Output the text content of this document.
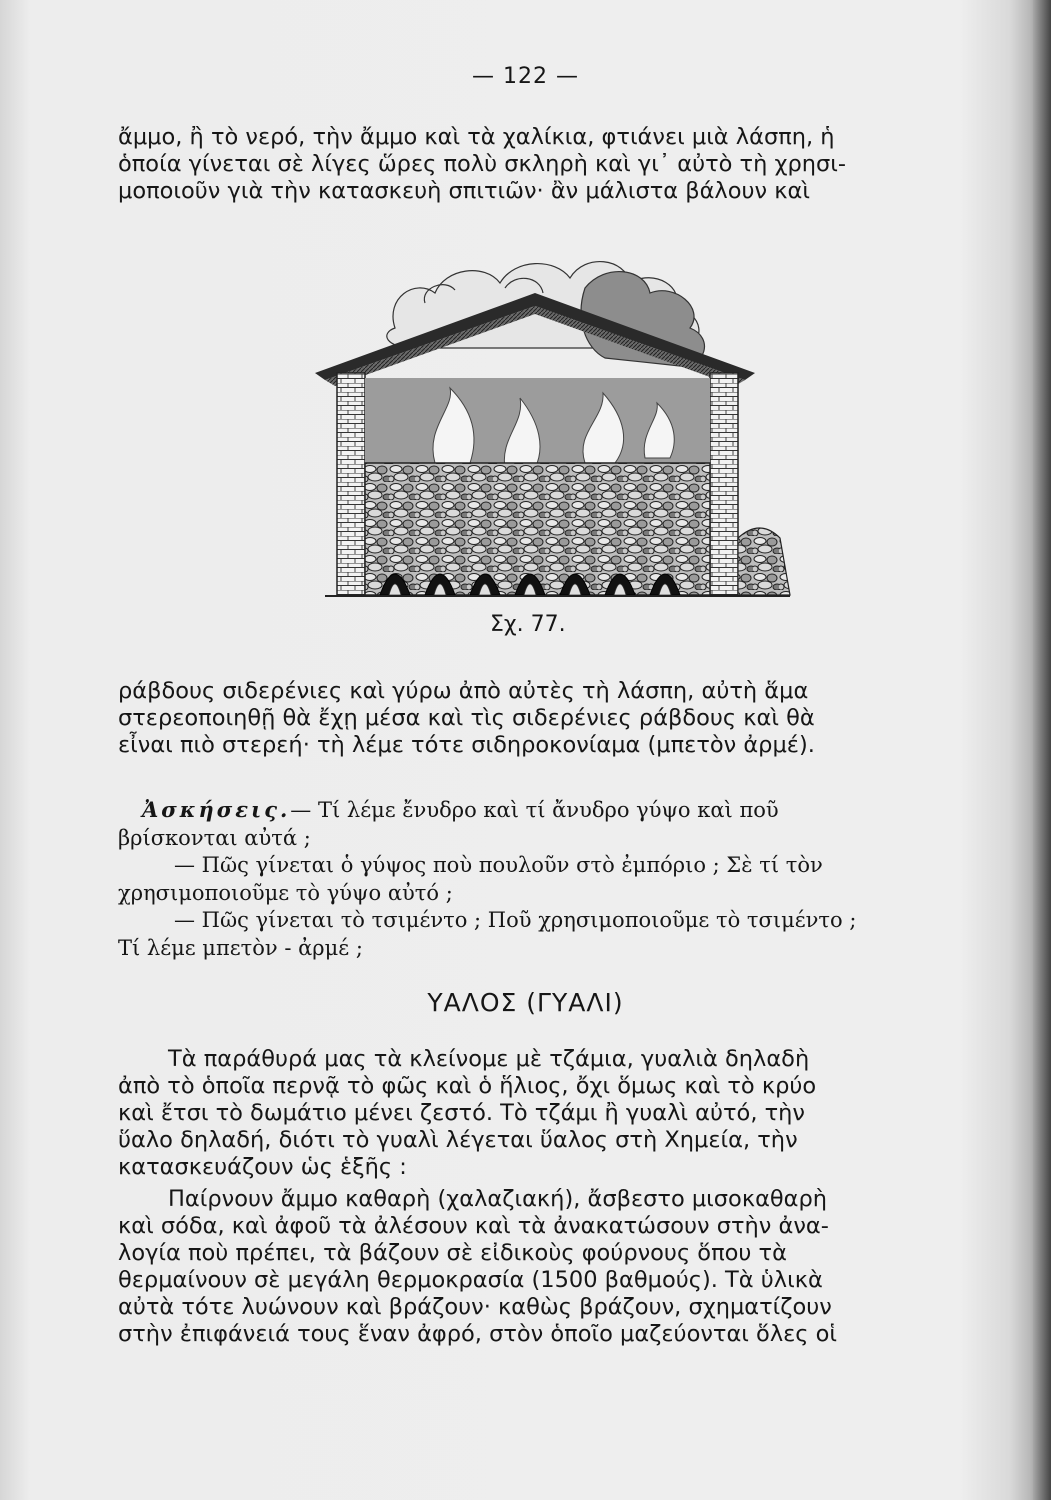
— 122 —
ἄμμο, ἢ τὸ νερό, τὴν ἄμμο καὶ τὰ χαλίκια, φτιάνει μιὰ λάσπη, ἡ
ὁποία γίνεται σὲ λίγες ὥρες πολὺ σκληρὴ καὶ γι᾽ αὐτὸ τὴ χρησι-
μοποιοῦν γιὰ τὴν κατασκευὴ σπιτιῶν· ἂν μάλιστα βάλουν καὶ
Σχ. 77.
ράβδους σιδερένιες καὶ γύρω ἀπὸ αὐτὲς τὴ λάσπη, αὐτὴ ἅμα
στερεοποιηθῇ θὰ ἔχῃ μέσα καὶ τὶς σιδερένιες ράβδους καὶ θὰ
εἶναι πιὸ στερεή· τὴ λέμε τότε σιδηροκονίαμα (μπετὸν ἀρμέ).
Ἀσκήσεις.— Τί λέμε ἔνυδρο καὶ τί ἄνυδρο γύψο καὶ ποῦ
βρίσκονται αὐτά ;
— Πῶς γίνεται ὁ γύψος ποὺ πουλοῦν στὸ ἐμπόριο ; Σὲ τί τὸν
χρησιμοποιοῦμε τὸ γύψο αὐτό ;
— Πῶς γίνεται τὸ τσιμέντο ; Ποῦ χρησιμοποιοῦμε τὸ τσιμέντο ;
Τί λέμε μπετὸν - ἀρμέ ;
ΥΑΛΟΣ (ΓΥΑΛΙ)
Τὰ παράθυρά μας τὰ κλείνομε μὲ τζάμια, γυαλιὰ δηλαδὴ
ἀπὸ τὸ ὁποῖα περνᾷ τὸ φῶς καὶ ὁ ἥλιος, ὄχι ὅμως καὶ τὸ κρύο
καὶ ἔτσι τὸ δωμάτιο μένει ζεστό. Τὸ τζάμι ἢ γυαλὶ αὐτό, τὴν
ὕαλο δηλαδή, διότι τὸ γυαλὶ λέγεται ὕαλος στὴ Χημεία, τὴν
κατασκευάζουν ὡς ἑξῆς :
Παίρνουν ἄμμο καθαρὴ (χαλαζιακή), ἄσβεστο μισοκαθαρὴ
καὶ σόδα, καὶ ἀφοῦ τὰ ἀλέσουν καὶ τὰ ἀνακατώσουν στὴν ἀνα-
λογία ποὺ πρέπει, τὰ βάζουν σὲ εἰδικοὺς φούρνους ὅπου τὰ
θερμαίνουν σὲ μεγάλη θερμοκρασία (1500 βαθμούς). Τὰ ὑλικὰ
αὐτὰ τότε λυώνουν καὶ βράζουν· καθὼς βράζουν, σχηματίζουν
στὴν ἐπιφάνειά τους ἕναν ἀφρό, στὸν ὁποῖο μαζεύονται ὅλες οἱ
